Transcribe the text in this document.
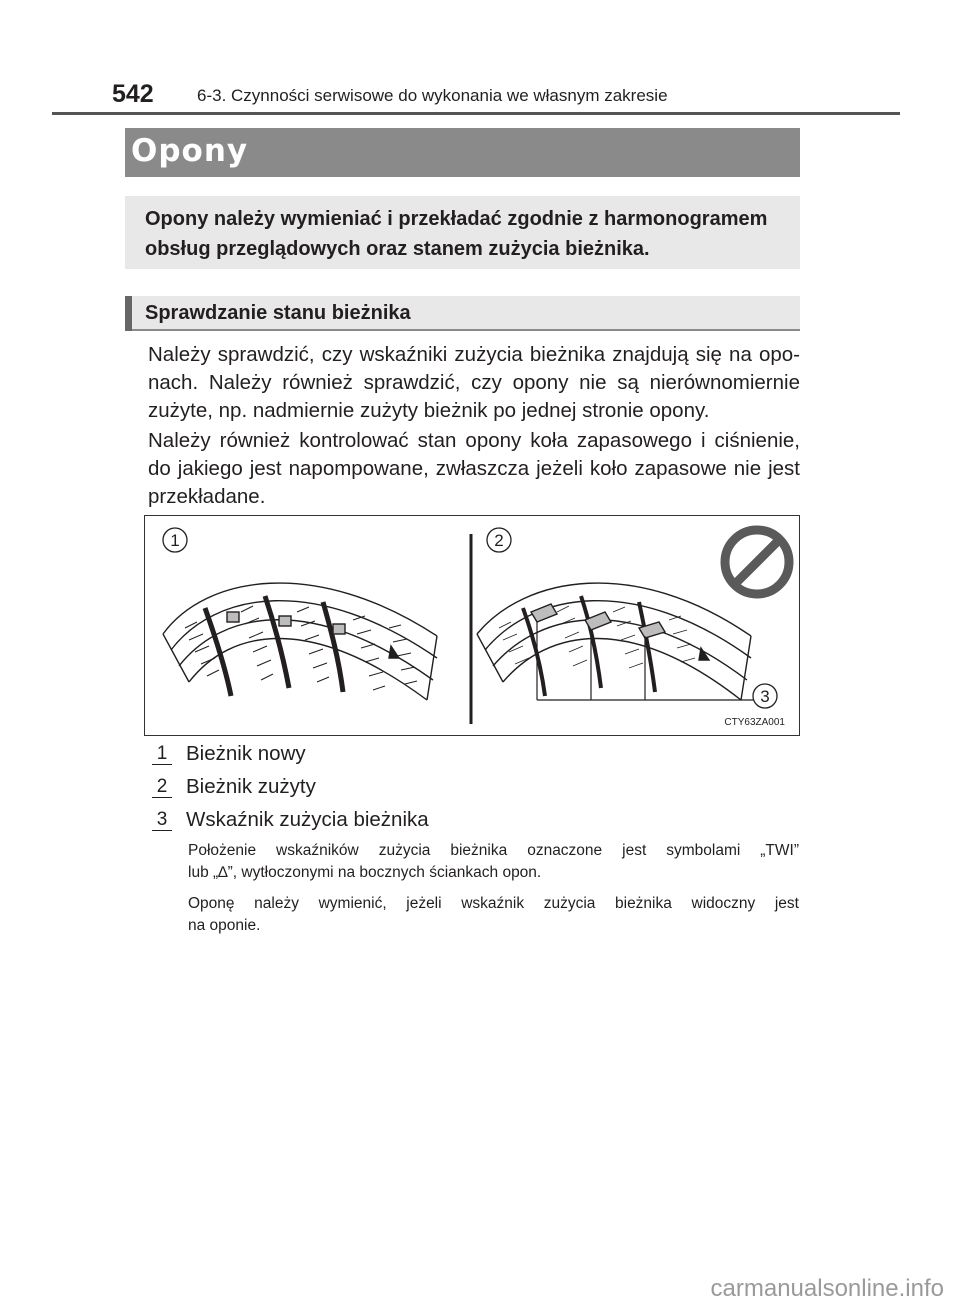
542	6-3. Czynności serwisowe do wykonania we własnym zakresie
Opony
Opony należy wymieniać i przekładać zgodnie z harmonogramem
obsług przeglądowych oraz stanem zużycia bieżnika.
Sprawdzanie stanu bieżnika
Należy sprawdzić, czy wskaźniki zużycia bieżnika znajdują się na opo-
nach. Należy również sprawdzić, czy opony nie są nierównomiernie
zużyte, np. nadmiernie zużyty bieżnik po jednej stronie opony.
Należy również kontrolować stan opony koła zapasowego i ciśnienie,
do jakiego jest napompowane, zwłaszcza jeżeli koło zapasowe nie jest
przekładane.
1	2
3
CTY63ZA001
1 Bieżnik nowy
2 Bieżnik zużyty
3 Wskaźnik zużycia bieżnika
Położenie wskaźników zużycia bieżnika oznaczone jest symbolami „TWI”
lub „∆”, wytłoczonymi na bocznych ściankach opon.
Oponę należy wymienić, jeżeli wskaźnik zużycia bieżnika widoczny jest
na oponie.
carmanualsonline.info
